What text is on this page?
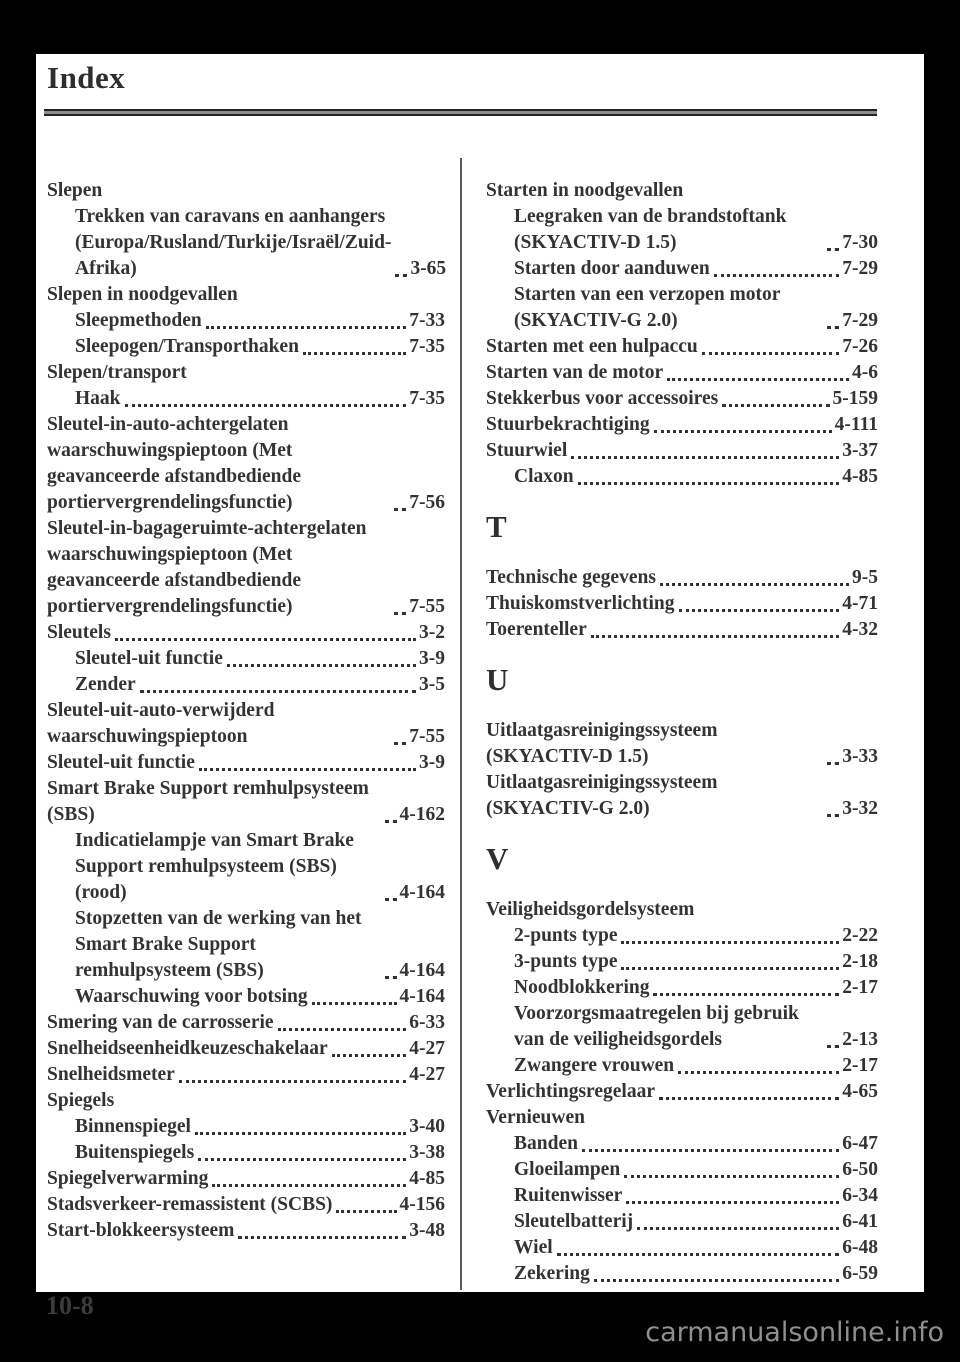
Index
Slepen
Trekken van caravans en aanhangers (Europa/Rusland/Turkije/Israël/Zuid-Afrika)	3-65
Slepen in noodgevallen
Sleepmethoden	7-33
Sleepogen/Transporthaken	7-35
Slepen/transport
Haak	7-35
Sleutel-in-auto-achtergelaten waarschuwingspieptoon (Met geavanceerde afstandbediende portiervergrendelingsfunctie)	7-56
Sleutel-in-bagageruimte-achtergelaten waarschuwingspieptoon (Met geavanceerde afstandbediende portiervergrendelingsfunctie)	7-55
Sleutels	3-2
Sleutel-uit functie	3-9
Zender	3-5
Sleutel-uit-auto-verwijderd waarschuwingspieptoon	7-55
Sleutel-uit functie	3-9
Smart Brake Support remhulpsysteem (SBS)	4-162
Indicatielampje van Smart Brake Support remhulpsysteem (SBS) (rood)	4-164
Stopzetten van de werking van het Smart Brake Support remhulpsysteem (SBS)	4-164
Waarschuwing voor botsing	4-164
Smering van de carrosserie	6-33
Snelheidseenheidkeuzeschakelaar	4-27
Snelheidsmeter	4-27
Spiegels
Binnenspiegel	3-40
Buitenspiegels	3-38
Spiegelverwarming	4-85
Stadsverkeer-remassistent (SCBS)	4-156
Start-blokkeersysteem	3-48
Starten in noodgevallen
Leegraken van de brandstoftank (SKYACTIV-D 1.5)	7-30
Starten door aanduwen	7-29
Starten van een verzopen motor (SKYACTIV-G 2.0)	7-29
Starten met een hulpaccu	7-26
Starten van de motor	4-6
Stekkerbus voor accessoires	5-159
Stuurbekrachtiging	4-111
Stuurwiel	3-37
Claxon	4-85
T
Technische gegevens	9-5
Thuiskomstverlichting	4-71
Toerenteller	4-32
U
Uitlaatgasreinigingssysteem (SKYACTIV-D 1.5)	3-33
Uitlaatgasreinigingssysteem (SKYACTIV-G 2.0)	3-32
V
Veiligheidsgordelsysteem
2-punts type	2-22
3-punts type	2-18
Noodblokkering	2-17
Voorzorgsmaatregelen bij gebruik van de veiligheidsgordels	2-13
Zwangere vrouwen	2-17
Verlichtingsregelaar	4-65
Vernieuwen
Banden	6-47
Gloeilampen	6-50
Ruitenwisser	6-34
Sleutelbatterij	6-41
Wiel	6-48
Zekering	6-59
10-8
carmanualsonline.info
